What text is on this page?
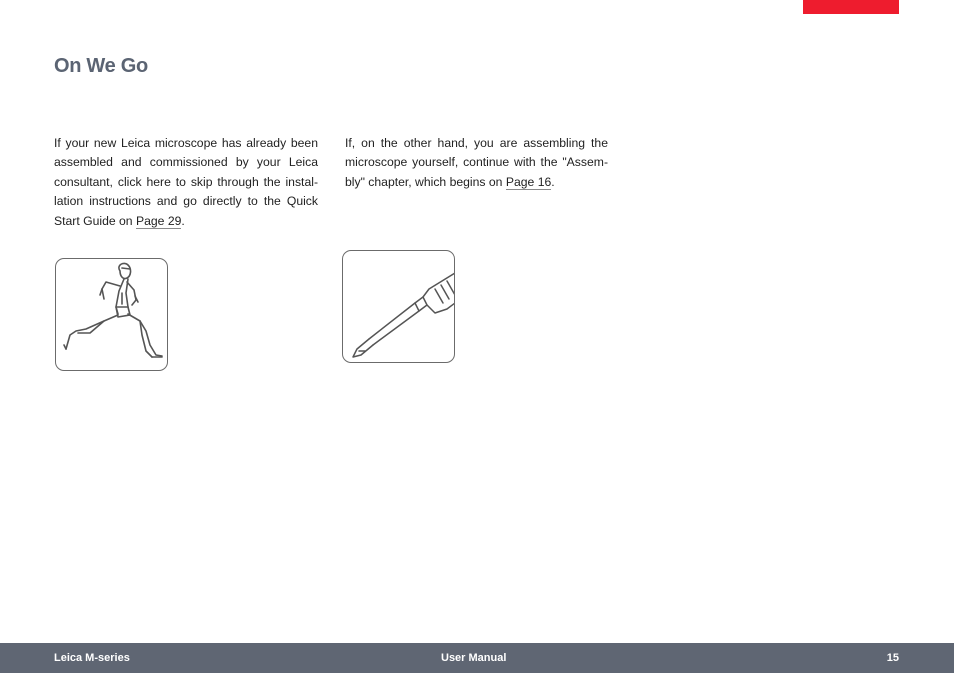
On We Go

If your new Leica microscope has already been assembled and commissioned by your Leica consultant, click here to skip through the installation instructions and go directly to the Quick Start Guide on Page 29.

If, on the other hand, you are assembling the microscope yourself, continue with the "Assembly" chapter, which begins on Page 16.

Leica M-series	User Manual	15
